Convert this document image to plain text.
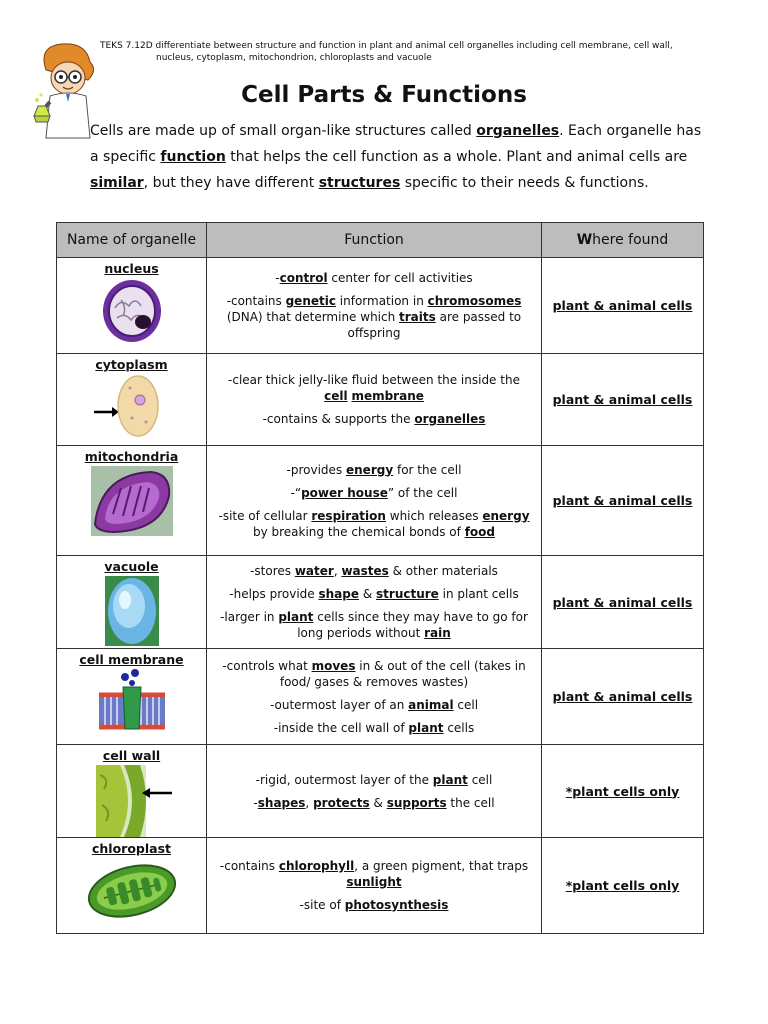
TEKS 7.12D differentiate between structure and function in plant and animal cell organelles including cell membrane, cell wall,
nucleus, cytoplasm, mitochondrion, chloroplasts and vacuole
Cell Parts & Functions

Cells are made up of small organ-like structures called organelles. Each organelle has a specific function that helps the cell function as a whole. Plant and animal cells are similar, but they have different structures specific to their needs & functions.

Name of organelle	Function	Where found

nucleus	-control center for cell activities
-contains genetic information in chromosomes (DNA) that determine which traits are passed to offspring	plant & animal cells

cytoplasm	-clear thick jelly-like fluid between the inside the cell membrane
-contains & supports the organelles	plant & animal cells

mitochondria	-provides energy for the cell
-“power house” of the cell
-site of cellular respiration which releases energy by breaking the chemical bonds of food	plant & animal cells

vacuole	-stores water, wastes & other materials
-helps provide shape & structure in plant cells
-larger in plant cells since they may have to go for long periods without rain	plant & animal cells

cell membrane	-controls what moves in & out of the cell (takes in food/ gases & removes wastes)
-outermost layer of an animal cell
-inside the cell wall of plant cells	plant & animal cells

cell wall	-rigid, outermost layer of the plant cell
-shapes, protects & supports the cell	*plant cells only

chloroplast	-contains chlorophyll, a green pigment, that traps sunlight
-site of photosynthesis	*plant cells only
